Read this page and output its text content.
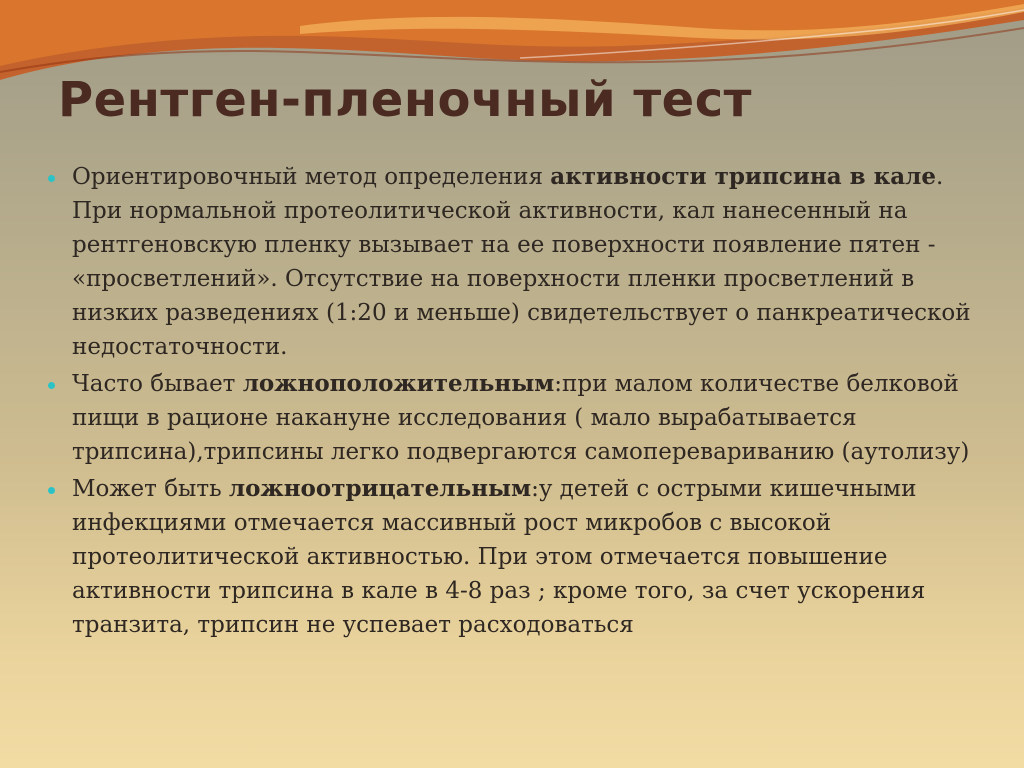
Рентген-пленочный тест
Ориентировочный метод определения активности трипсина в кале. При нормальной протеолитической активности, кал нанесенный на рентгеновскую пленку вызывает на ее поверхности появление пятен - «просветлений». Отсутствие на поверхности пленки просветлений в низких разведениях (1:20 и меньше) свидетельствует о панкреатической недостаточности.
Часто бывает ложноположительным:при малом количестве белковой пищи в рационе накануне исследования ( мало вырабатывается трипсина),трипсины легко подвергаются самоперевариванию (аутолизу)
Может быть ложноотрицательным:у детей с острыми кишечными инфекциями отмечается массивный рост микробов с высокой протеолитической активностью. При этом отмечается повышение активности трипсина в кале в 4-8 раз ; кроме того, за счет ускорения транзита, трипсин не успевает расходоваться
